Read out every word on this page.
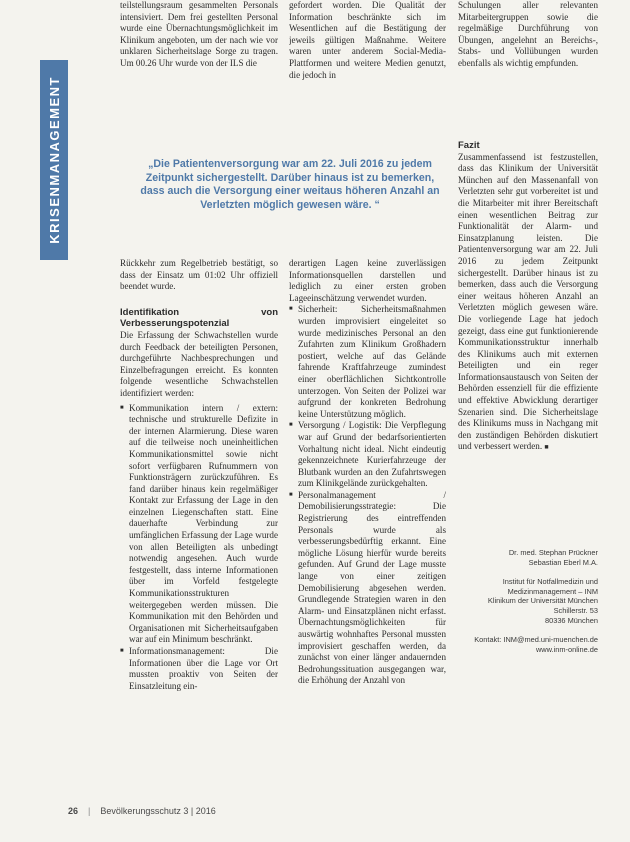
KRISENMANAGEMENT

teilstellungsraum gesammelten Personals intensiviert. Dem frei gestellten Personal wurde eine Übernachtungsmöglichkeit im Klinikum angeboten, um der nach wie vor unklaren Sicherheitslage Sorge zu tragen. Um 00.26 Uhr wurde von der ILS die

gefordert worden. Die Qualität der Information beschränkte sich im Wesentlichen auf die Bestätigung der jeweils gültigen Maßnahme. Weitere waren unter anderem Social-Media-Plattformen und weitere Medien genutzt, die jedoch in

Schulungen aller relevanten Mitarbeitergruppen sowie die regelmäßige Durchführung von Übungen, angelehnt an Bereichs-, Stabs- und Vollübungen wurden ebenfalls als wichtig empfunden.

„Die Patientenversorgung war am 22. Juli 2016 zu jedem Zeitpunkt sichergestellt. Darüber hinaus ist zu bemerken, dass auch die Versorgung einer weitaus höheren Anzahl an Verletzten möglich gewesen wäre. “

Rückkehr zum Regelbetrieb bestätigt, so dass der Einsatz um 01:02 Uhr offiziell beendet wurde.

Identifikation von Verbesserungspotenzial

Die Erfassung der Schwachstellen wurde durch Feedback der beteiligten Personen, durchgeführte Nachbesprechungen und Einzelbefragungen erreicht. Es konnten folgende wesentliche Schwachstellen identifiziert werden:

■ Kommunikation intern / extern: technische und strukturelle Defizite in der internen Alarmierung. Diese waren auf die teilweise noch uneinheitlichen Kommunikationsmittel sowie nicht sofort verfügbaren Rufnummern von Funktionsträgern zurückzuführen. Es fand darüber hinaus kein regelmäßiger Kontakt zur Erfassung der Lage in den einzelnen Liegenschaften statt. Eine dauerhafte Verbindung zur umfänglichen Erfassung der Lage wurde von allen Beteiligten als unbedingt notwendig angesehen. Auch wurde festgestellt, dass interne Informationen über im Vorfeld festgelegte Kommunikationsstrukturen weitergegeben werden müssen. Die Kommunikation mit den Behörden und Organisationen mit Sicherheitsaufgaben war auf ein Minimum beschränkt.
■ Informationsmanagement: Die Informationen über die Lage vor Ort mussten proaktiv von Seiten der Einsatzleitung ein-

derartigen Lagen keine zuverlässigen Informationsquellen darstellen und lediglich zu einer ersten groben Lageeinschätzung verwendet wurden.

■ Sicherheit: Sicherheitsmaßnahmen wurden improvisiert eingeleitet so wurde medizinisches Personal an den Zufahrten zum Klinikum Großhadern postiert, welche auf das Gelände fahrende Kraftfahrzeuge zumindest einer oberflächlichen Sichtkontrolle unterzogen. Von Seiten der Polizei war aufgrund der konkreten Bedrohung keine Unterstützung möglich.
■ Versorgung / Logistik: Die Verpflegung war auf Grund der bedarfsorientierten Vorhaltung nicht ideal. Nicht eindeutig gekennzeichnete Kurierfahrzeuge der Blutbank wurden an den Zufahrtswegen zum Klinikgelände zurückgehalten.
■ Personalmanagement / Demobilisierungsstrategie: Die Registrierung des eintreffenden Personals wurde als verbesserungsbedürftig erkannt. Eine mögliche Lösung hierfür wurde bereits gefunden. Auf Grund der Lage musste lange von einer zeitigen Demobilisierung abgesehen werden. Grundlegende Strategien waren in den Alarm- und Einsatzplänen nicht erfasst. Übernachtungsmöglichkeiten für auswärtig wohnhaftes Personal mussten improvisiert geschaffen werden, da zunächst von einer länger andauernden Bedrohungssituation ausgegangen war, die Erhöhung der Anzahl von

Fazit

Zusammenfassend ist festzustellen, dass das Klinikum der Universität München auf den Massenanfall von Verletzten sehr gut vorbereitet ist und die Mitarbeiter mit ihrer Bereitschaft einen wesentlichen Beitrag zur Funktionalität der Alarm- und Einsatzplanung leisten. Die Patientenversorgung war am 22. Juli 2016 zu jedem Zeitpunkt sichergestellt. Darüber hinaus ist zu bemerken, dass auch die Versorgung einer weitaus höheren Anzahl an Verletzten möglich gewesen wäre. Die vorliegende Lage hat jedoch gezeigt, dass eine gut funktionierende Kommunikationsstruktur innerhalb des Klinikums auch mit externen Beteiligten und ein reger Informationsaustausch von Seiten der Behörden essenziell für die effiziente und effektive Abwicklung derartiger Szenarien sind. Die Sicherheitslage des Klinikums muss in Nachgang mit den zuständigen Behörden diskutiert und verbessert werden. ■

Dr. med. Stephan Prückner

Sebastian Eberl M.A.

Institut für Notfallmedizin und

Medizinmanagement – INM

Klinikum der Universität München

Schillerstr. 53

80336 München

Kontakt: INM@med.uni-muenchen.de

www.inm-online.de

26 | Bevölkerungsschutz 3 | 2016
